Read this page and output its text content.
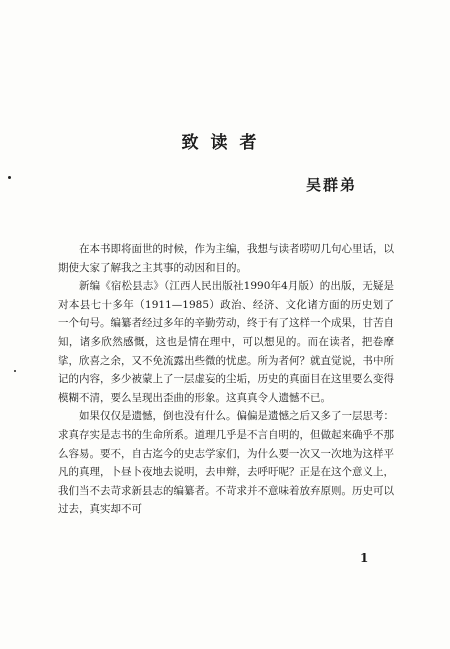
致读者
吴群弟

在本书即将面世的时候，作为主编，我想与读者唠叨几句心里话，以期使大家了解我之主其事的动因和目的。

新编《宿松县志》（江西人民出版社1990年4月版）的出版，无疑是对本县七十多年（1911—1985）政治、经济、文化诸方面的历史划了一个句号。编纂者经过多年的辛勤劳动，终于有了这样一个成果，甘苦自知，诸多欣然感慨，这也是情在理中，可以想见的。而在读者，把卷摩挲，欣喜之余，又不免流露出些微的忧虑。所为者何？就直觉说，书中所记的内容，多少被蒙上了一层虚妄的尘垢，历史的真面目在这里要么变得模糊不清，要么呈现出歪曲的形象。这真真令人遗憾不已。

如果仅仅是遗憾，倒也没有什么。偏偏是遗憾之后又多了一层思考：求真存实是志书的生命所系。道理几乎是不言自明的，但做起来确乎不那么容易。要不，自古迄今的史志学家们，为什么要一次又一次地为这样平凡的真理，卜昼卜夜地去说明，去申辩，去呼吁呢？正是在这个意义上，我们当不去苛求新县志的编纂者。不苛求并不意味着放弃原则。历史可以过去，真实却不可

1
